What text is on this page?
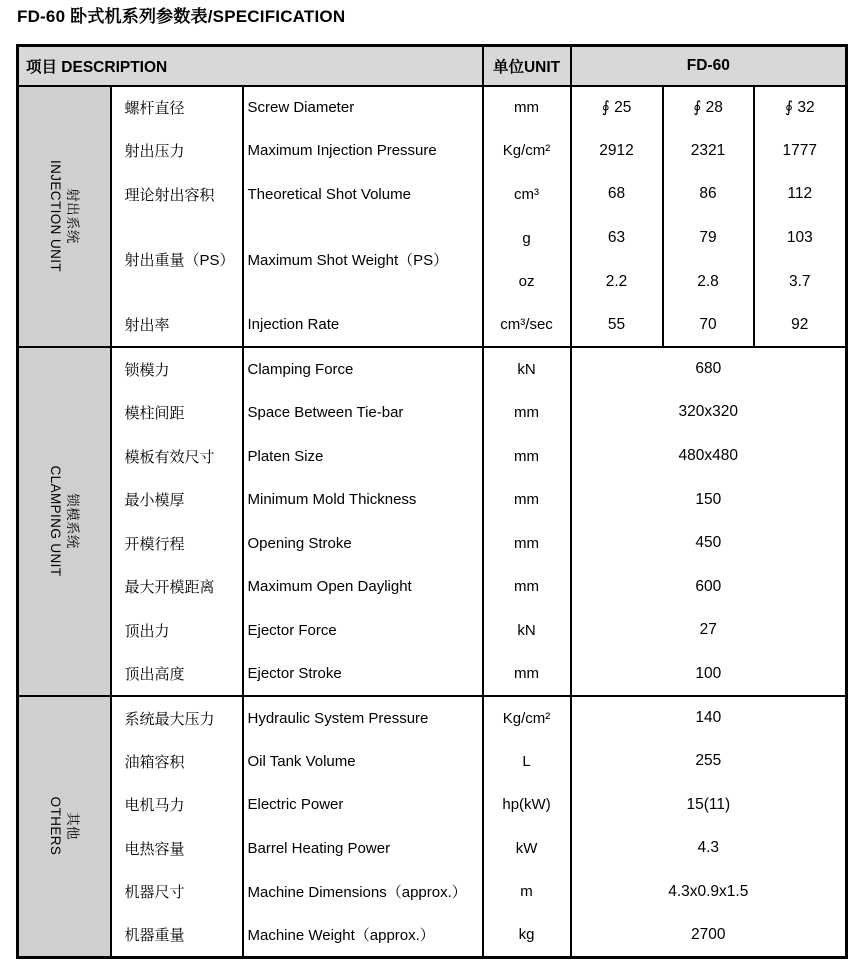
FD-60 卧式机系列参数表/SPECIFICATION
项目 DESCRIPTION			单位UNIT	FD-60		

射出系统
INJECTION UNIT	螺杆直径	Screw Diameter	mm	∮ 25	∮ 28	∮ 32
	射出压力	Maximum Injection Pressure	Kg/cm²	2912	2321	1777
	理论射出容积	Theoretical Shot Volume	cm³	68	86	112
	射出重量（PS）	Maximum Shot Weight（PS）	g	63	79	103
			oz	2.2	2.8	3.7
	射出率	Injection Rate	cm³/sec	55	70	92

锁模系统
CLAMPING UNIT	锁模力	Clamping Force	kN	680		
	模柱间距	Space Between Tie-bar	mm	320x320		
	模板有效尺寸	Platen Size	mm	480x480		
	最小模厚	Minimum Mold Thickness	mm	150		
	开模行程	Opening Stroke	mm	450		
	最大开模距离	Maximum Open Daylight	mm	600		
	顶出力	Ejector Force	kN	27		
	顶出高度	Ejector Stroke	mm	100		

其他
OTHERS	系统最大压力	Hydraulic System Pressure	Kg/cm²	140		
	油箱容积	Oil Tank Volume	L	255		
	电机马力	Electric Power	hp(kW)	15(11)		
	电热容量	Barrel Heating Power	kW	4.3		
	机器尺寸	Machine Dimensions（approx.）	m	4.3x0.9x1.5		
	机器重量	Machine Weight（approx.）	kg	2700		
